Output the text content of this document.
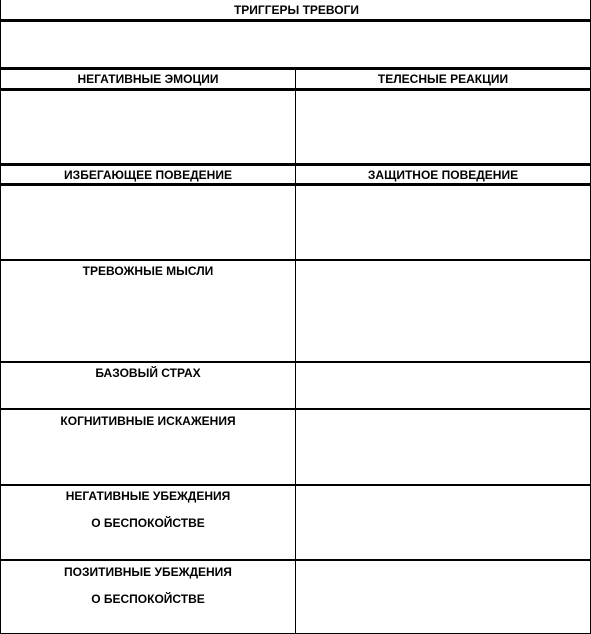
ТРИГГЕРЫ ТРЕВОГИ
НЕГАТИВНЫЕ ЭМОЦИИ	ТЕЛЕСНЫЕ РЕАКЦИИ
ИЗБЕГАЮЩЕЕ ПОВЕДЕНИЕ	ЗАЩИТНОЕ ПОВЕДЕНИЕ
ТРЕВОЖНЫЕ МЫСЛИ
БАЗОВЫЙ СТРАХ
КОГНИТИВНЫЕ ИСКАЖЕНИЯ
НЕГАТИВНЫЕ УБЕЖДЕНИЯ
О БЕСПОКОЙСТВЕ
ПОЗИТИВНЫЕ УБЕЖДЕНИЯ
О БЕСПОКОЙСТВЕ
